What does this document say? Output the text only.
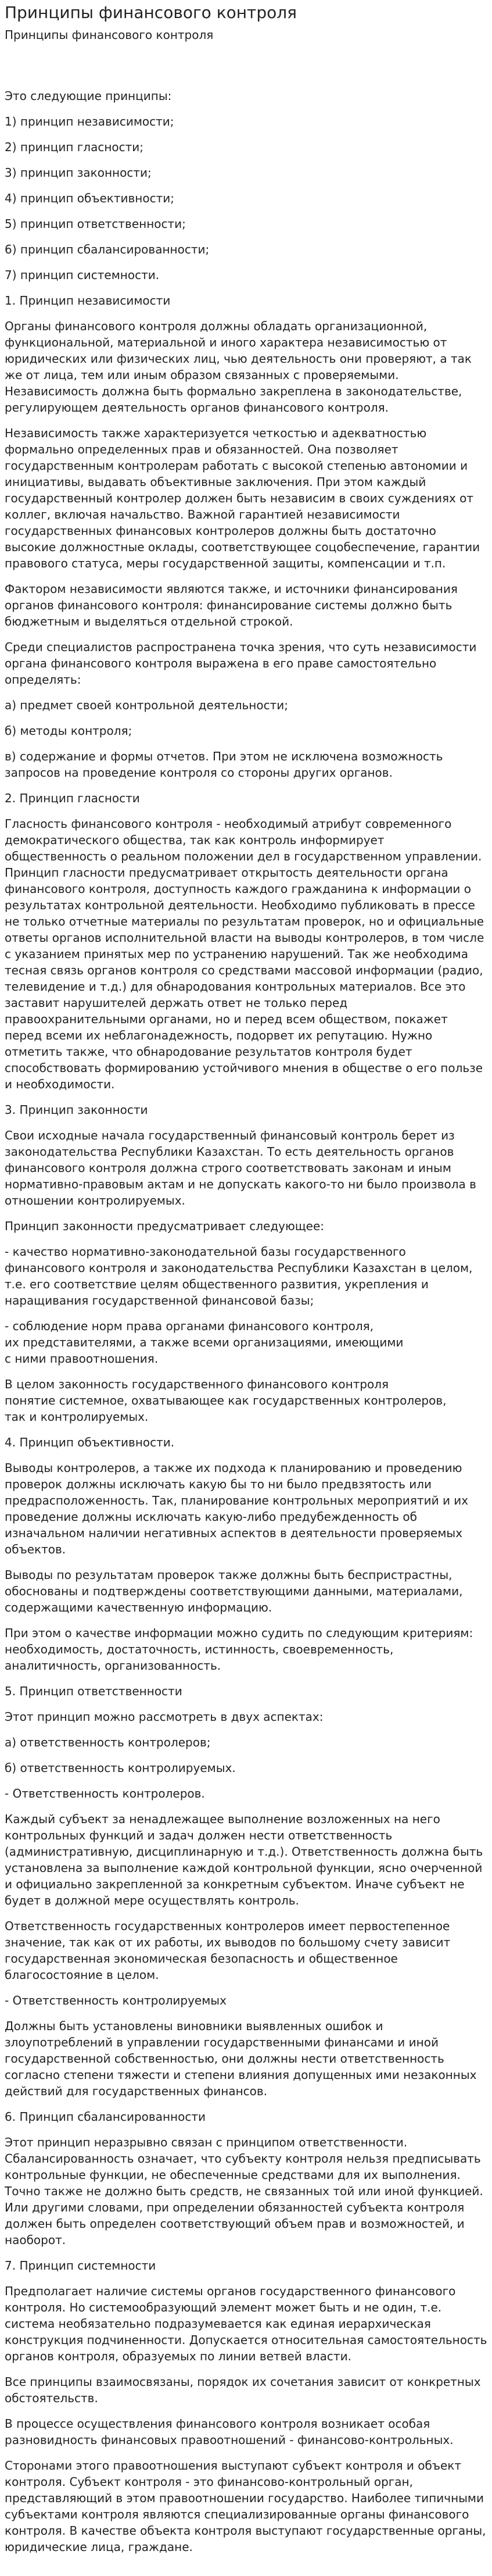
Принципы финансового контроля
Принципы финансового контроля

Это следующие принципы:

1) принцип независимости;

2) принцип гласности;

3) принцип законности;

4) принцип объективности;

5) принцип ответственности;

6) принцип сбалансированности;

7) принцип системности.

1. Принцип независимости

Органы финансового контроля должны обладать организационной, функциональной, материальной и иного характера независимостью от юридических или физических лиц, чью деятельность они проверяют, а так же от лица, тем или иным образом связанных с проверяемыми. Независимость должна быть формально закреплена в законодательстве, регулирующем деятельность органов финансового контроля.

Независимость также характеризуется четкостью и адекватностью формально определенных прав и обязанностей. Она позволяет государственным контролерам работать с высокой степенью автономии и инициативы, выдавать объективные заключения. При этом каждый государственный контролер должен быть независим в своих суждениях от коллег, включая начальство. Важной гарантией независимости государственных финансовых контролеров должны быть достаточно высокие должностные оклады, соответствующее соцобеспечение, гарантии правового статуса, меры государственной защиты, компенсации и т.п.

Фактором независимости являются также, и источники финансирования органов финансового контроля: финансирование системы должно быть бюджетным и выделяться отдельной строкой.

Среди специалистов распространена точка зрения, что суть независимости органа финансового контроля выражена в его праве самостоятельно определять:

а) предмет своей контрольной деятельности;

б) методы контроля;

в) содержание и формы отчетов. При этом не исключена возможность запросов на проведение контроля со стороны других органов.

2. Принцип гласности

Гласность финансового контроля - необходимый атрибут современного демократического общества, так как контроль информирует общественность о реальном положении дел в государственном управлении. Принцип гласности предусматривает открытость деятельности органа финансового контроля, доступность каждого гражданина к информации о результатах контрольной деятельности. Необходимо публиковать в прессе не только отчетные материалы по результатам проверок, но и официальные ответы органов исполнительной власти на выводы контролеров, в том числе с указанием принятых мер по устранению нарушений. Так же необходима тесная связь органов контроля со средствами массовой информации (радио, телевидение и т.д.) для обнародования контрольных материалов. Все это заставит нарушителей держать ответ не только перед правоохранительными органами, но и перед всем обществом, покажет перед всеми их неблагонадежность, подорвет их репутацию. Нужно отметить также, что обнародование результатов контроля будет способствовать формированию устойчивого мнения в обществе о его пользе и необходимости.

3. Принцип законности

Свои исходные начала государственный финансовый контроль берет из законодательства Республики Казахстан. То есть деятельность органов финансового контроля должна строго соответствовать законам и иным нормативно-правовым актам и не допускать какого-то ни было произвола в отношении контролируемых.

Принцип законности предусматривает следующее:

- качество нормативно-законодательной базы государственного финансового контроля и законодательства Республики Казахстан в целом,
т.е. его соответствие целям общественного развития, укрепления и
наращивания государственной финансовой базы;

- соблюдение норм права органами финансового контроля,
их представителями, а также всеми организациями, имеющими
с ними правоотношения.

В целом законность государственного финансового контроля
понятие системное, охватывающее как государственных контролеров,
так и контролируемых.

4. Принцип объективности.

Выводы контролеров, а также их подхода к планированию и проведению проверок должны исключать какую бы то ни было предвзятость или предрасположенность. Так, планирование контрольных мероприятий и их проведение должны исключать какую-либо предубежденность об изначальном наличии негативных аспектов в деятельности проверяемых объектов.

Выводы по результатам проверок также должны быть беспристрастны, обоснованы и подтверждены соответствующими данными, материалами, содержащими качественную информацию.

При этом о качестве информации можно судить по следующим критериям: необходимость, достаточность, истинность, своевременность, аналитичность, организованность.

5. Принцип ответственности

Этот принцип можно рассмотреть в двух аспектах:

а) ответственность контролеров;

б) ответственность контролируемых.

- Ответственность контролеров.

Каждый субъект за ненадлежащее выполнение возложенных на него контрольных функций и задач должен нести ответственность (административную, дисциплинарную и т.д.). Ответственность должна быть установлена за выполнение каждой контрольной функции, ясно очерченной и официально закрепленной за конкретным субъектом. Иначе субъект не будет в должной мере осуществлять контроль.

Ответственность государственных контролеров имеет первостепенное значение, так как от их работы, их выводов по большому счету зависит государственная экономическая безопасность и общественное благосостояние в целом.

- Ответственность контролируемых

Должны быть установлены виновники выявленных ошибок и злоупотреблений в управлении государственными финансами и иной государственной собственностью, они должны нести ответственность согласно степени тяжести и степени влияния допущенных ими незаконных действий для государственных финансов.

6. Принцип сбалансированности

Этот принцип неразрывно связан с принципом ответственности. Сбалансированность означает, что субъекту контроля нельзя предписывать контрольные функции, не обеспеченные средствами для их выполнения. Точно также не должно быть средств, не связанных той или иной функцией. Или другими словами, при определении обязанностей субъекта контроля должен быть определен соответствующий объем прав и возможностей, и наоборот.

7. Принцип системности

Предполагает наличие системы органов государственного финансового контроля. Но системообразующий элемент может быть и не один, т.е. система необязательно подразумевается как единая иерархическая конструкция подчиненности. Допускается относительная самостоятельность органов контроля, образуемых по линии ветвей власти.

Все принципы взаимосвязаны, порядок их сочетания зависит от конкретных обстоятельств.

В процессе осуществления финансового контроля возникает особая разновидность финансовых правоотношений - финансово-контрольных.

Сторонами этого правоотношения выступают субъект контроля и объект контроля. Субъект контроля - это финансово-контрольный орган, представляющий в этом правоотношении государство. Наиболее типичными субъектами контроля являются специализированные органы финансового контроля. В качестве объекта контроля выступают государственные органы, юридические лица, граждане.
